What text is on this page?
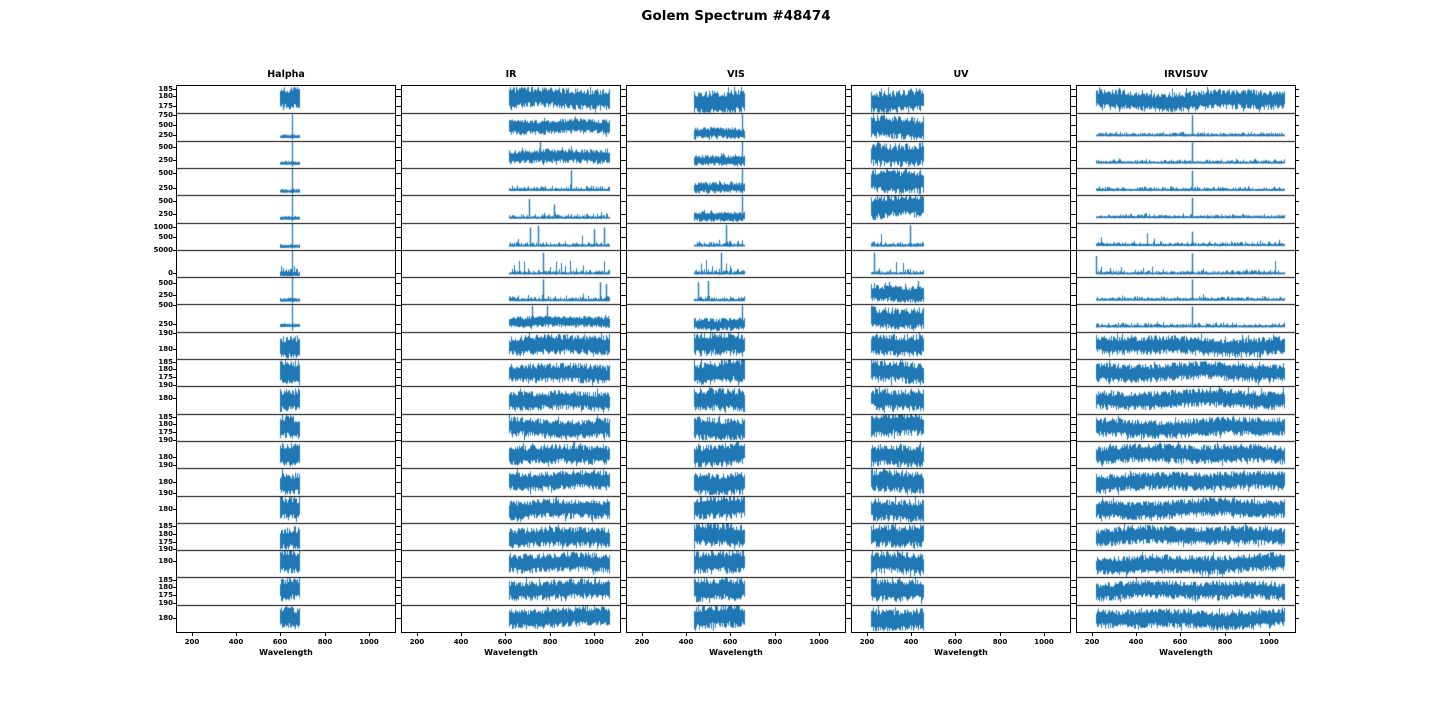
Golem Spectrum #48474
Halpha
185
180
175
750
500
250
500
250
500
250
500
250
1000
500
5000
0
500
250
500
250
190
180
185
180
175
190
180
185
180
175
190
180
190
180
190
180
185
180
175
190
180
185
180
175
190
180
200	400	600	800	1000
Wavelength
IR
200	400	600	800	1000
Wavelength
VIS
200	400	600	800	1000
Wavelength
UV
200	400	600	800	1000
Wavelength
IRVISUV
200	400	600	800	1000
Wavelength
